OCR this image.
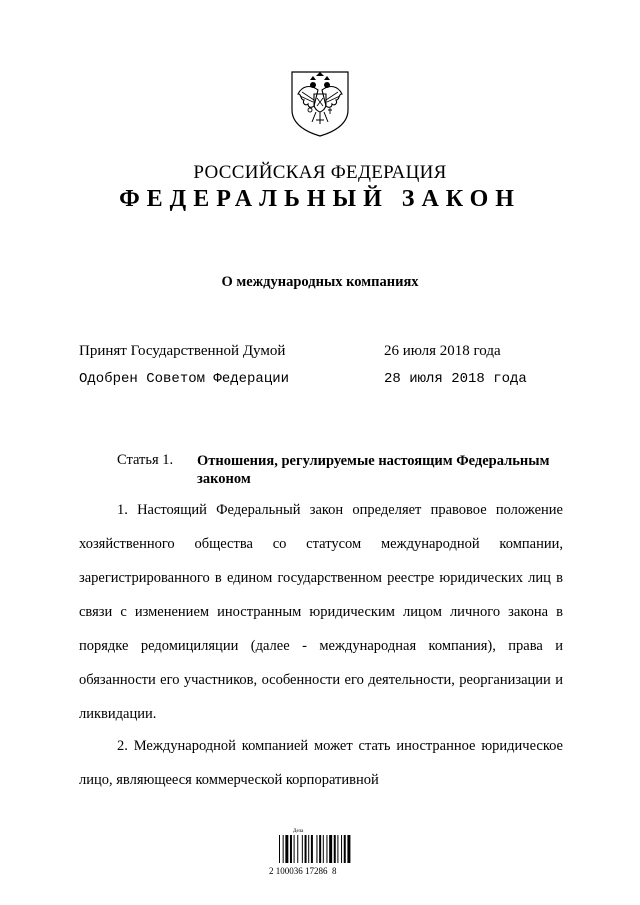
РОССИЙСКАЯ ФЕДЕРАЦИЯ
ФЕДЕРАЛЬНЫЙ ЗАКОН
О международных компаниях
Принят Государственной Думой	26 июля 2018 года
Одобрен Советом Федерации	28 июля 2018 года
Статья 1. Отношения, регулируемые настоящим Федеральным законом
1. Настоящий Федеральный закон определяет правовое положение хозяйственного общества со статусом международной компании, зарегистрированного в едином государственном реестре юридических лиц в связи с изменением иностранным юридическим лицом личного закона в порядке редомициляции (далее - международная компания), права и обязанности его участников, особенности его деятельности, реорганизации и ликвидации.
2. Международной компанией может стать иностранное юридическое лицо, являющееся коммерческой корпоративной
Дела
2 100036 17286  8
